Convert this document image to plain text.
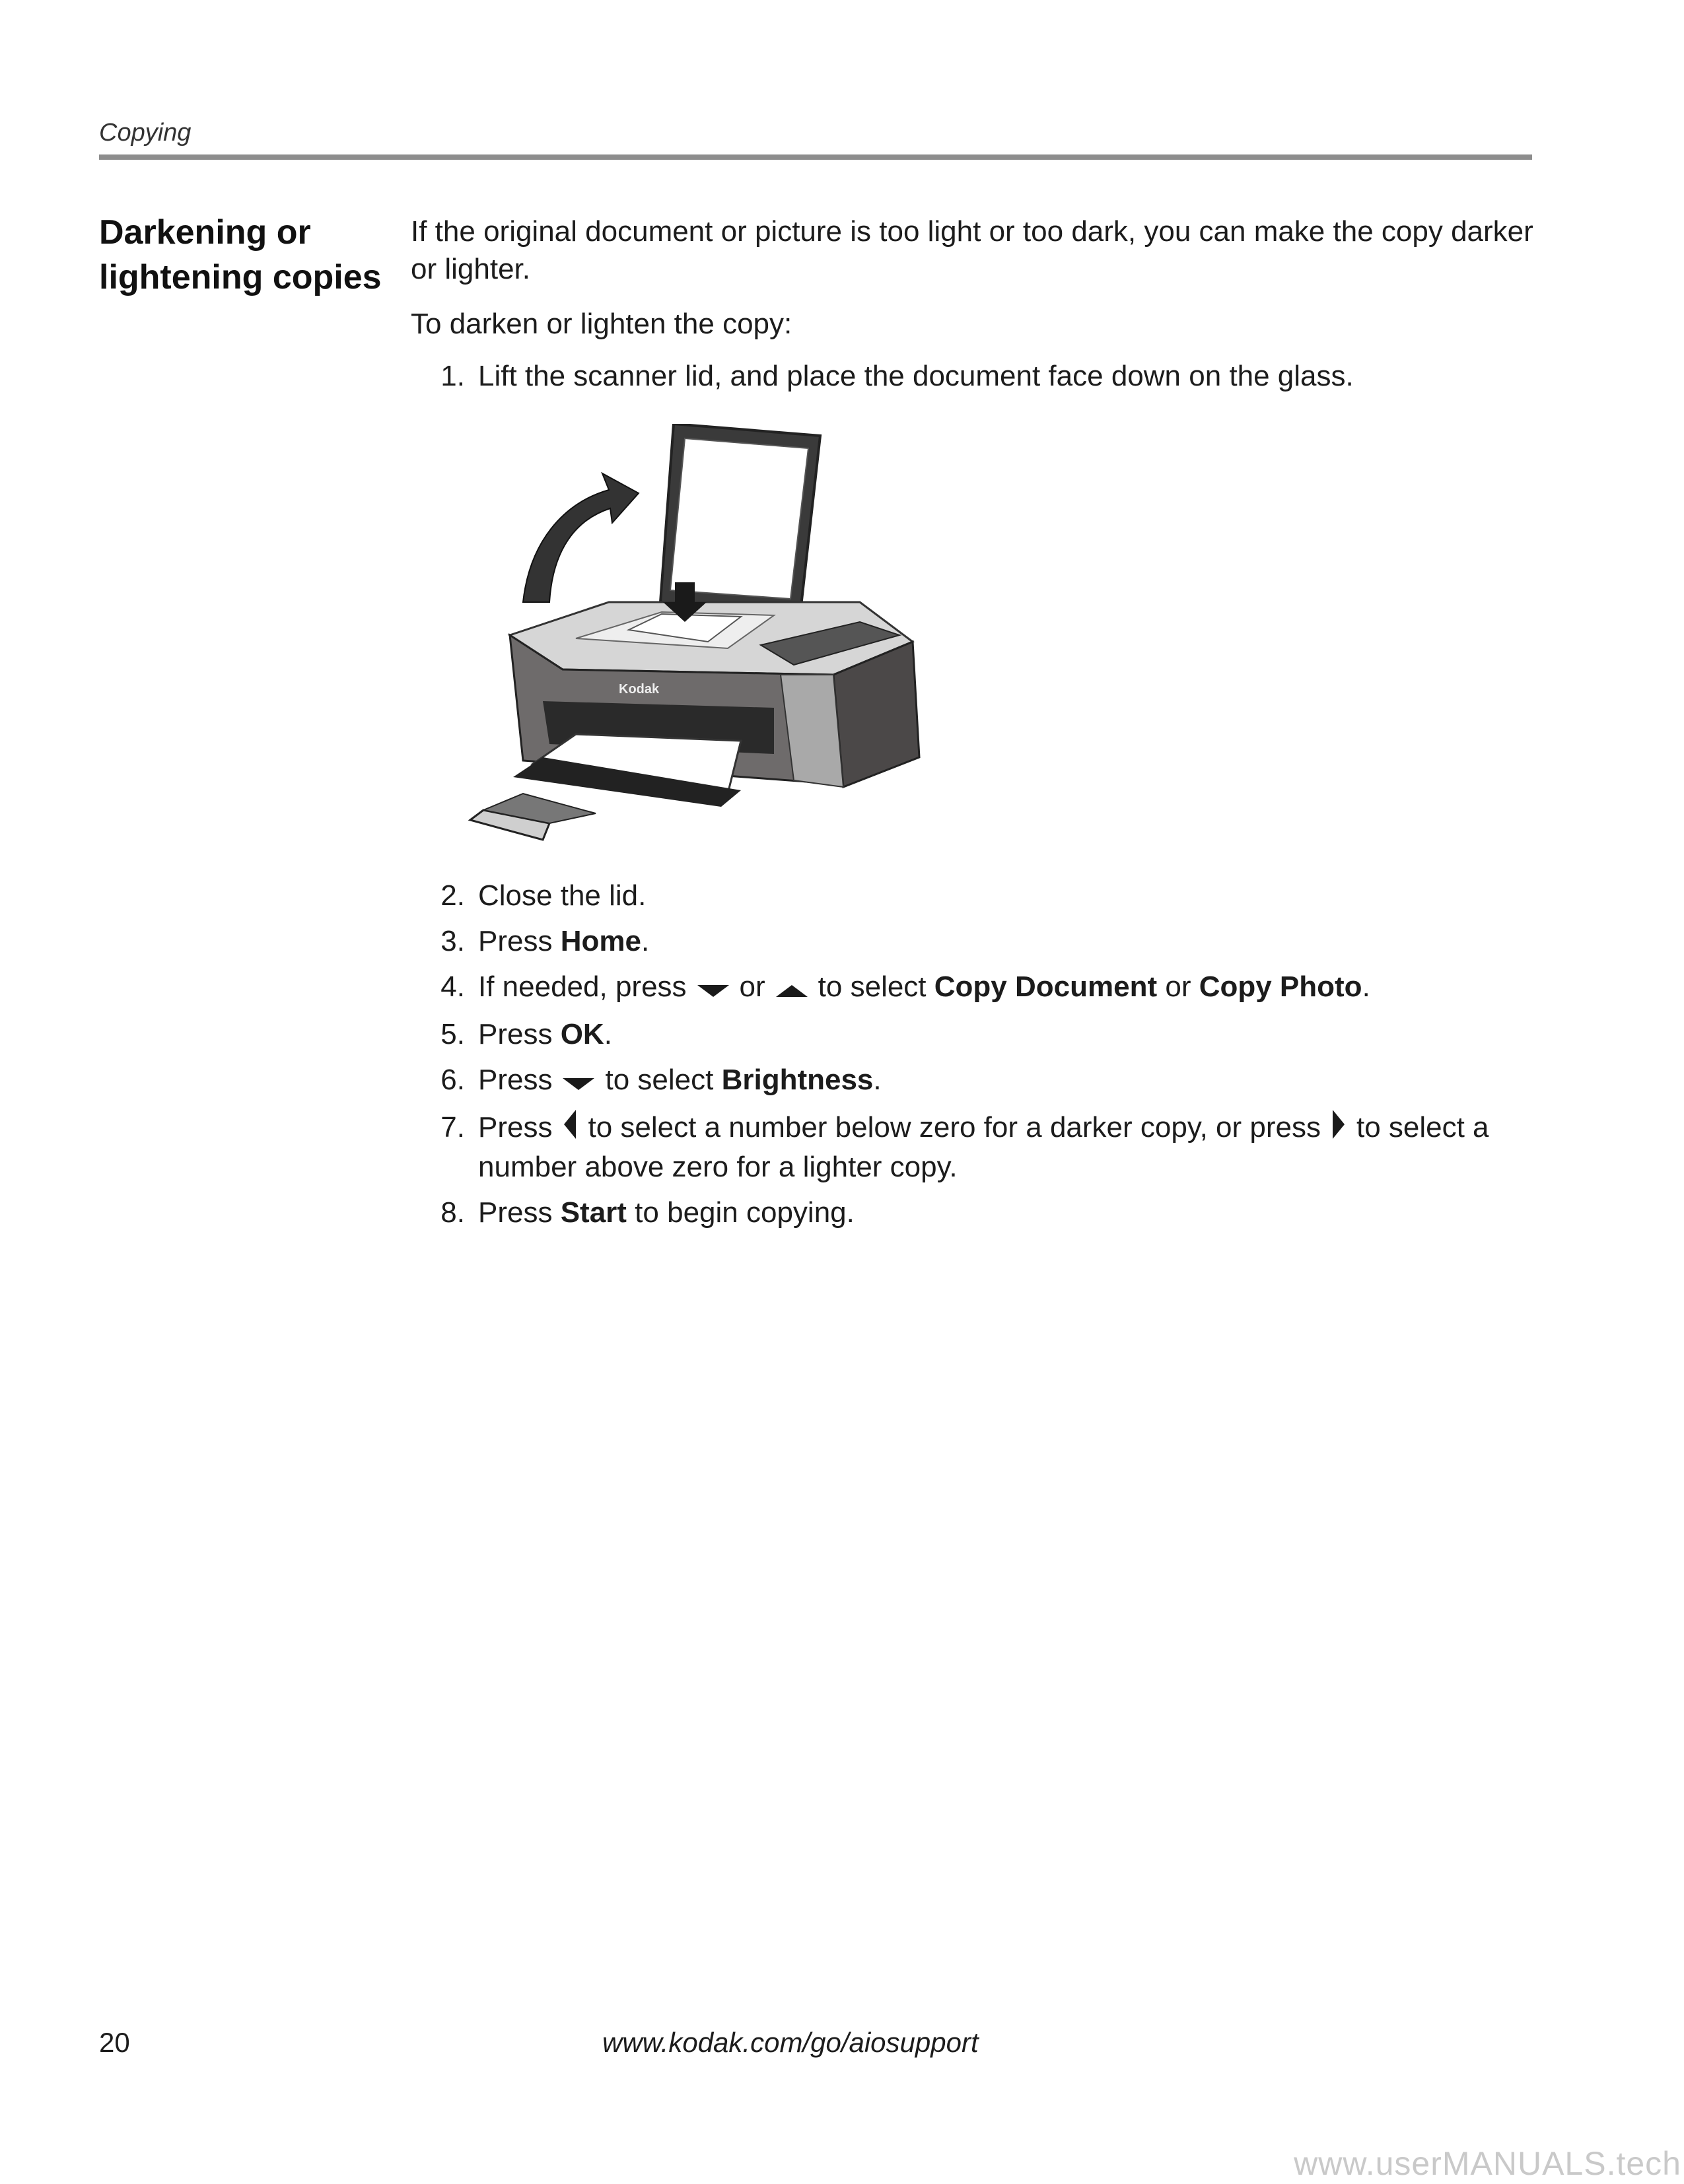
Copying
Darkening or
lightening copies

If the original document or picture is too light or too dark, you can make the copy darker or lighter.

To darken or lighten the copy:

1. Lift the scanner lid, and place the document face down on the glass.
Kodak
2. Close the lid.
3. Press Home.
4. If needed, press or to select Copy Document or Copy Photo.
5. Press OK.
6. Press to select Brightness.
7. Press to select a number below zero for a darker copy, or press to select a number above zero for a lighter copy.
8. Press Start to begin copying.
20	www.kodak.com/go/aiosupport
www.userMANUALS.tech
